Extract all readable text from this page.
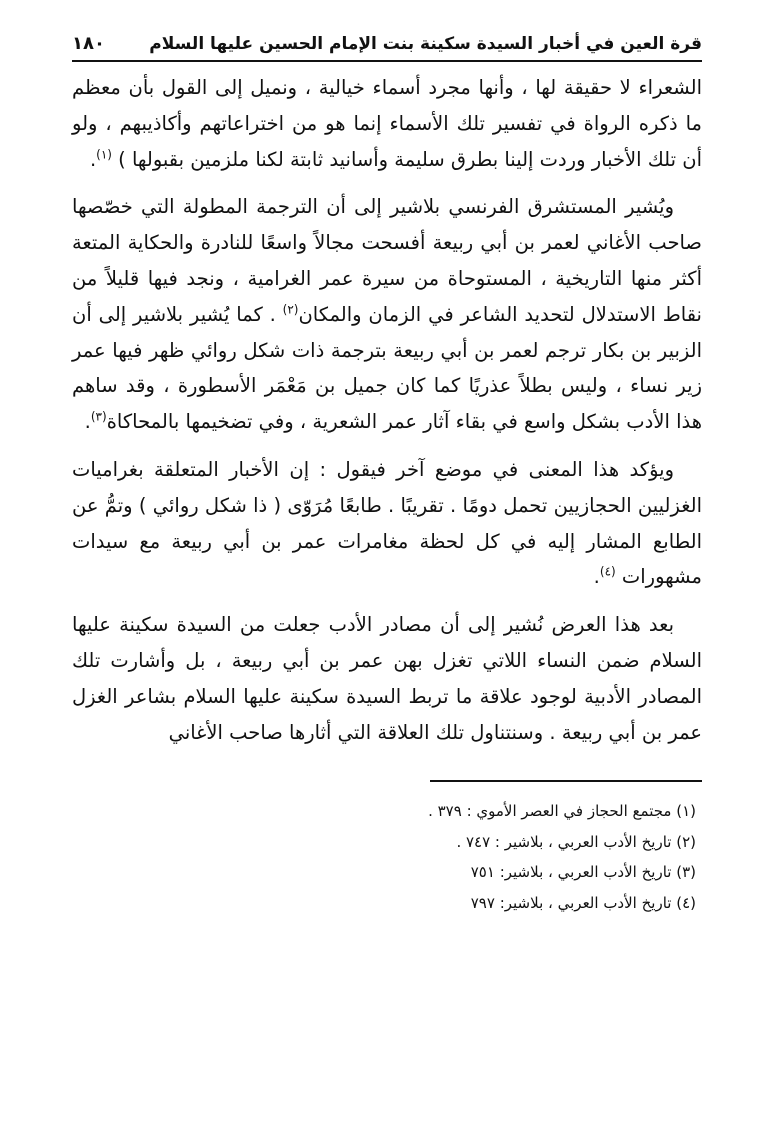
قرة العين في أخبار السيدة سكينة بنت الإمام الحسين عليها السلام
١٨٠

الشعراء لا حقيقة لها ، وأنها مجرد أسماء خيالية ، ونميل إلى القول بأن معظم ما ذكره الرواة في تفسير تلك الأسماء إنما هو من اختراعاتهم وأكاذيبهم ، ولو أن تلك الأخبار وردت إلينا بطرق سليمة وأسانيد ثابتة لكنا ملزمين بقبولها ) $^{(١)}$.

ويُشير المستشرق الفرنسي بلاشير إلى أن الترجمة المطولة التي خصّصها صاحب الأغاني لعمر بن أبي ربيعة أفسحت مجالاً واسعًا للنادرة والحكاية المتعة أكثر منها التاريخية ، المستوحاة من سيرة عمر الغرامية ، ونجد فيها قليلاً من نقاط الاستدلال لتحديد الشاعر في الزمان والمكان$^{(٢)}$ . كما يُشير بلاشير إلى أن الزبير بن بكار ترجم لعمر بن أبي ربيعة بترجمة ذات شكل روائي ظهر فيها عمر زير نساء ، وليس بطلاً عذريًا كما كان جميل بن مَعْمَر الأسطورة ، وقد ساهم هذا الأدب بشكل واسع في بقاء آثار عمر الشعرية ، وفي تضخيمها بالمحاكاة$^{(٣)}$.

ويؤكد هذا المعنى في موضع آخر فيقول : إن الأخبار المتعلقة بغراميات الغزليين الحجازيين تحمل دومًا . تقريبًا . طابعًا مُرَوّى ( ذا شكل روائي ) وتمُّ عن الطابع المشار إليه في كل لحظة مغامرات عمر بن أبي ربيعة مع سيدات مشهورات $^{(٤)}$.

بعد هذا العرض نُشير إلى أن مصادر الأدب جعلت من السيدة سكينة عليها السلام ضمن النساء اللاتي تغزل بهن عمر بن أبي ربيعة ، بل وأشارت تلك المصادر الأدبية لوجود علاقة ما تربط السيدة سكينة عليها السلام بشاعر الغزل عمر بن أبي ربيعة . وسنتناول تلك العلاقة التي أثارها صاحب الأغاني

(١) مجتمع الحجاز في العصر الأموي : ٣٧٩ .
(٢) تاريخ الأدب العربي ، بلاشير : ٧٤٧ .
(٣) تاريخ الأدب العربي ، بلاشير: ٧٥١
(٤) تاريخ الأدب العربي ، بلاشير: ٧٩٧
